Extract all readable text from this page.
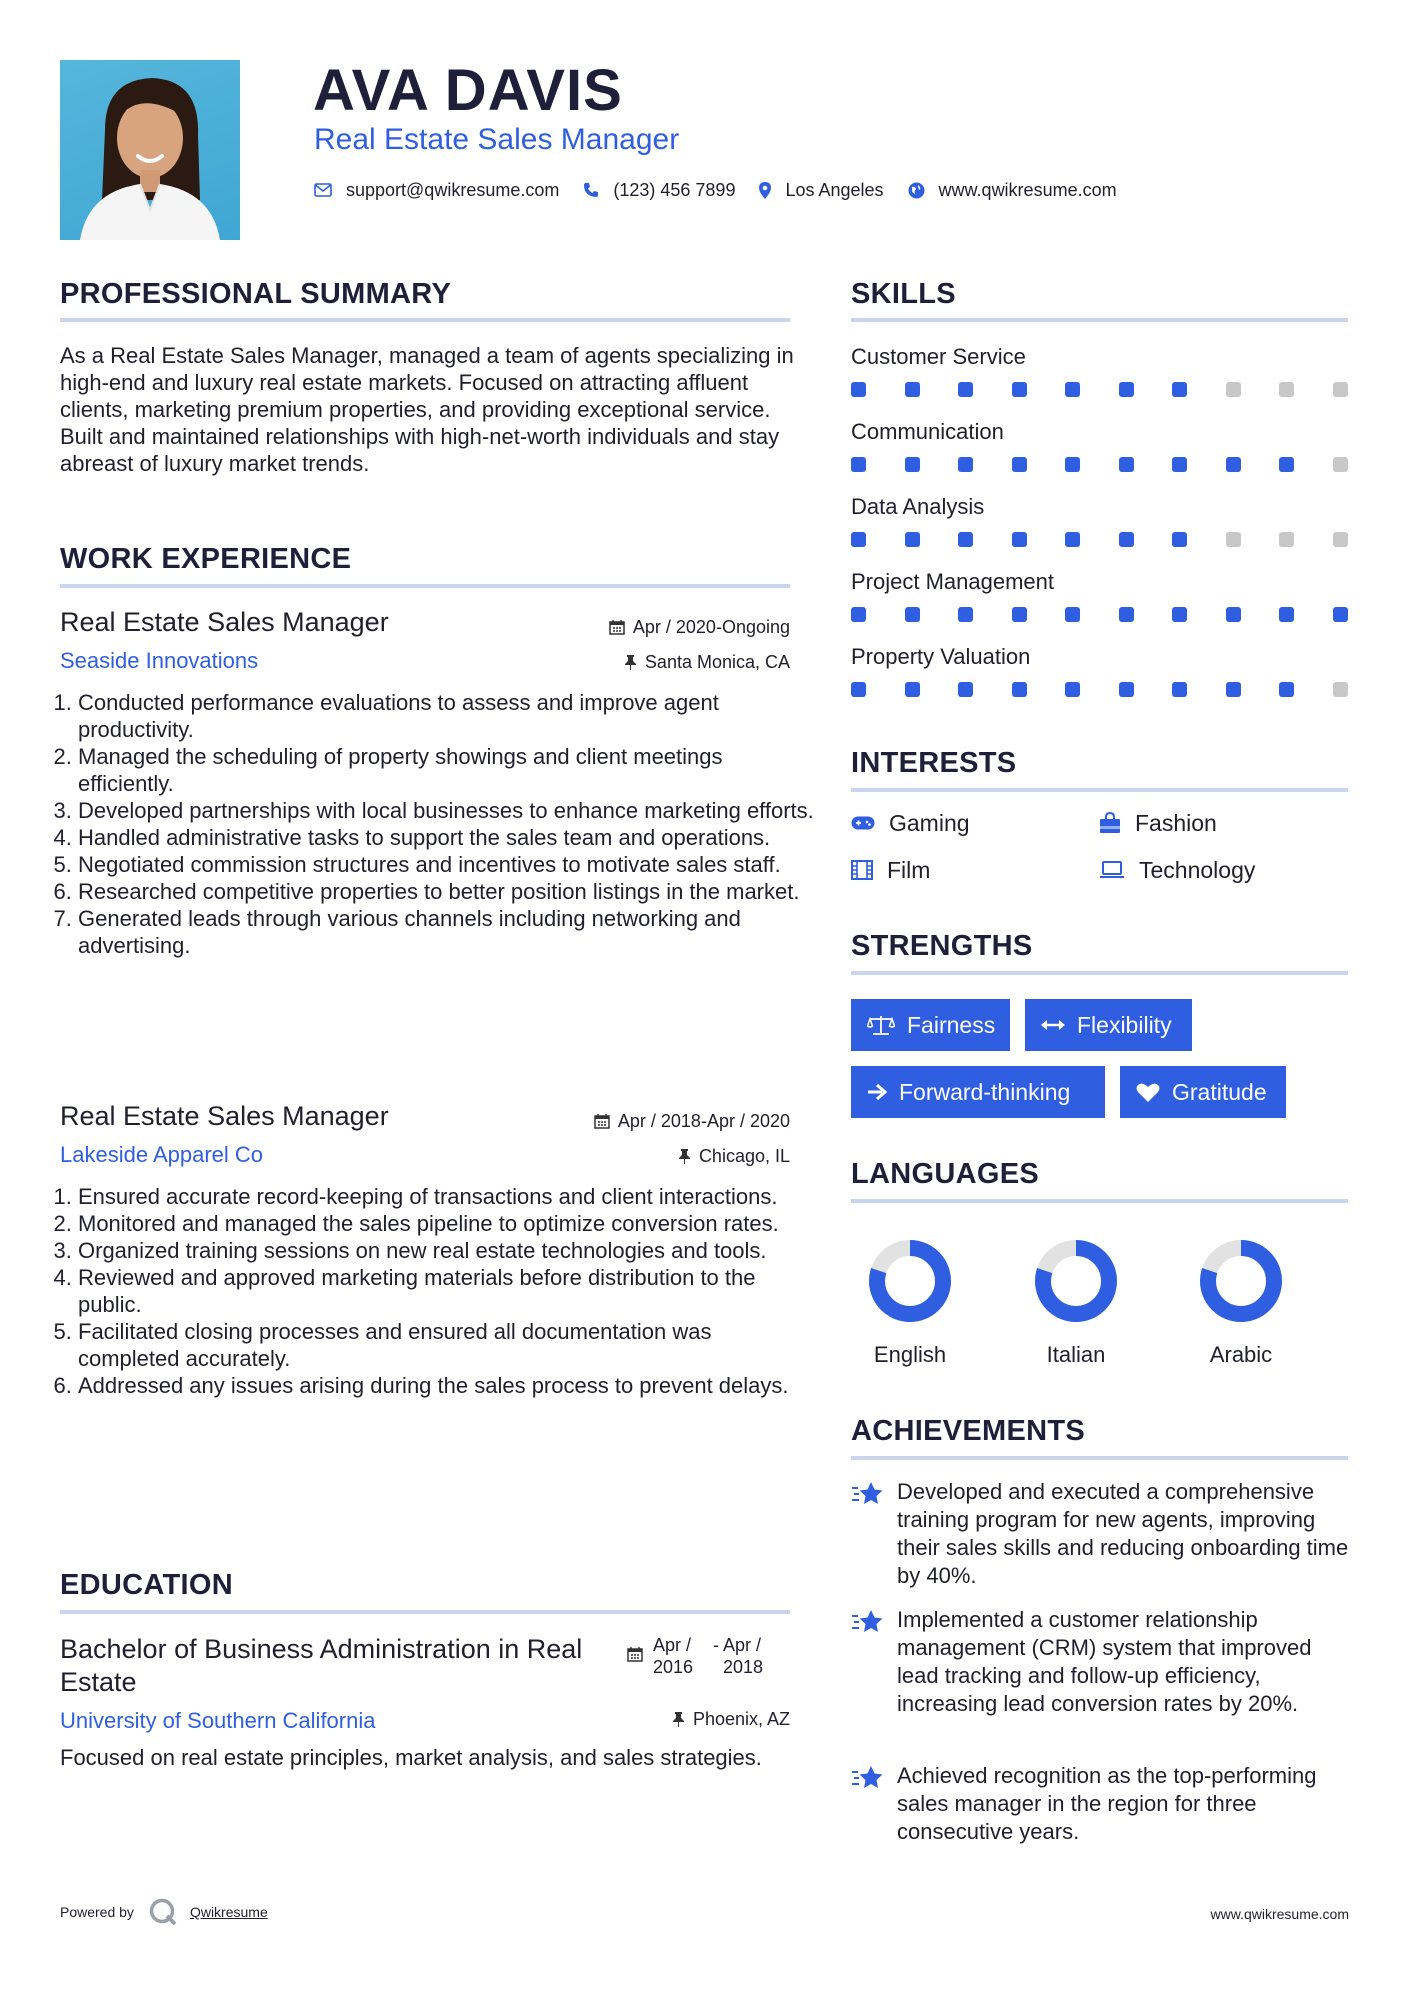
AVA DAVIS
Real Estate Sales Manager
support@qwikresume.com	(123) 456 7899	Los Angeles	www.qwikresume.com
PROFESSIONAL SUMMARY
As a Real Estate Sales Manager, managed a team of agents specializing in high-end and luxury real estate markets. Focused on attracting affluent clients, marketing premium properties, and providing exceptional service. Built and maintained relationships with high-net-worth individuals and stay abreast of luxury market trends.
WORK EXPERIENCE
Real Estate Sales Manager	Apr / 2020-Ongoing
Seaside Innovations	Santa Monica, CA
1. Conducted performance evaluations to assess and improve agent productivity.
2. Managed the scheduling of property showings and client meetings efficiently.
3. Developed partnerships with local businesses to enhance marketing efforts.
4. Handled administrative tasks to support the sales team and operations.
5. Negotiated commission structures and incentives to motivate sales staff.
6. Researched competitive properties to better position listings in the market.
7. Generated leads through various channels including networking and advertising.
Real Estate Sales Manager	Apr / 2018-Apr / 2020
Lakeside Apparel Co	Chicago, IL
1. Ensured accurate record-keeping of transactions and client interactions.
2. Monitored and managed the sales pipeline to optimize conversion rates.
3. Organized training sessions on new real estate technologies and tools.
4. Reviewed and approved marketing materials before distribution to the public.
5. Facilitated closing processes and ensured all documentation was completed accurately.
6. Addressed any issues arising during the sales process to prevent delays.
EDUCATION
Bachelor of Business Administration in Real Estate
Apr / 2016
- Apr / 2018
University of Southern California	Phoenix, AZ
Focused on real estate principles, market analysis, and sales strategies.
SKILLS
Customer Service
Communication
Data Analysis
Project Management
Property Valuation
INTERESTS
Gaming	Fashion
Film	Technology
STRENGTHS
Fairness	Flexibility
Forward-thinking	Gratitude
LANGUAGES
English	Italian	Arabic
ACHIEVEMENTS
Developed and executed a comprehensive training program for new agents, improving their sales skills and reducing onboarding time by 40%.
Implemented a customer relationship management (CRM) system that improved lead tracking and follow-up efficiency, increasing lead conversion rates by 20%.
Achieved recognition as the top-performing sales manager in the region for three consecutive years.
Powered by	Qwikresume	www.qwikresume.com
